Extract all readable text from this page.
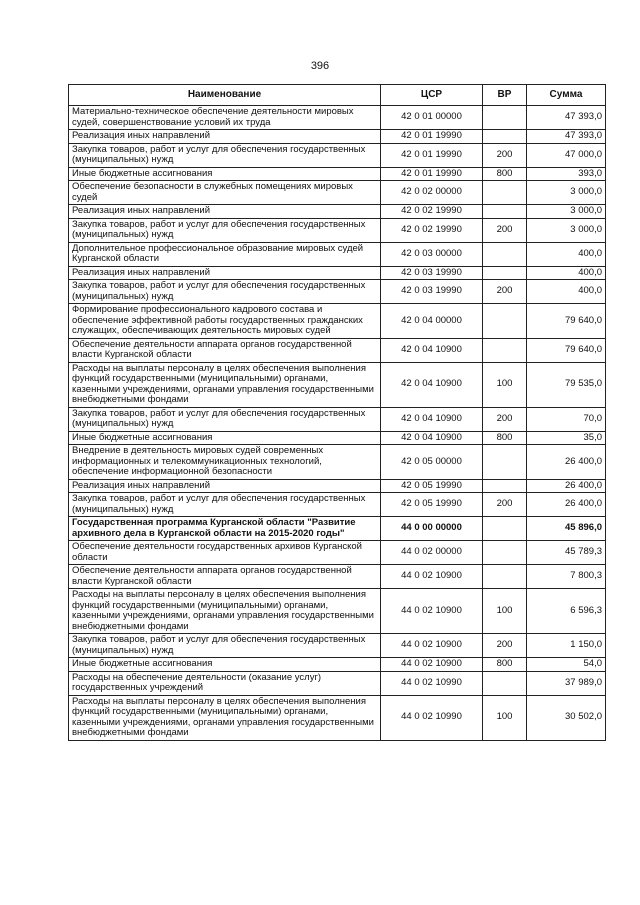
396
Наименование	ЦСР	ВР	Сумма
Материально-техническое обеспечение деятельности мировых судей, совершенствование условий их труда	42 0 01 00000		47 393,0
Реализация иных направлений	42 0 01 19990		47 393,0
Закупка товаров, работ и услуг для обеспечения государственных (муниципальных) нужд	42 0 01 19990	200	47 000,0
Иные бюджетные ассигнования	42 0 01 19990	800	393,0
Обеспечение безопасности в служебных помещениях мировых судей	42 0 02 00000		3 000,0
Реализация иных направлений	42 0 02 19990		3 000,0
Закупка товаров, работ и услуг для обеспечения государственных (муниципальных) нужд	42 0 02 19990	200	3 000,0
Дополнительное профессиональное образование мировых судей Курганской области	42 0 03 00000		400,0
Реализация иных направлений	42 0 03 19990		400,0
Закупка товаров, работ и услуг для обеспечения государственных (муниципальных) нужд	42 0 03 19990	200	400,0
Формирование профессионального кадрового состава и обеспечение эффективной работы государственных гражданских служащих, обеспечивающих деятельность мировых судей	42 0 04 00000		79 640,0
Обеспечение деятельности аппарата органов государственной власти Курганской области	42 0 04 10900		79 640,0
Расходы на выплаты персоналу в целях обеспечения выполнения функций государственными (муниципальными) органами, казенными учреждениями, органами управления государственными внебюджетными фондами	42 0 04 10900	100	79 535,0
Закупка товаров, работ и услуг для обеспечения государственных (муниципальных) нужд	42 0 04 10900	200	70,0
Иные бюджетные ассигнования	42 0 04 10900	800	35,0
Внедрение в деятельность мировых судей современных информационных и телекоммуникационных технологий, обеспечение информационной безопасности	42 0 05 00000		26 400,0
Реализация иных направлений	42 0 05 19990		26 400,0
Закупка товаров, работ и услуг для обеспечения государственных (муниципальных) нужд	42 0 05 19990	200	26 400,0
Государственная программа Курганской области "Развитие архивного дела в Курганской области на 2015-2020 годы"	44 0 00 00000		45 896,0
Обеспечение деятельности государственных архивов Курганской области	44 0 02 00000		45 789,3
Обеспечение деятельности аппарата органов государственной власти Курганской области	44 0 02 10900		7 800,3
Расходы на выплаты персоналу в целях обеспечения выполнения функций государственными (муниципальными) органами, казенными учреждениями, органами управления государственными внебюджетными фондами	44 0 02 10900	100	6 596,3
Закупка товаров, работ и услуг для обеспечения государственных (муниципальных) нужд	44 0 02 10900	200	1 150,0
Иные бюджетные ассигнования	44 0 02 10900	800	54,0
Расходы на обеспечение деятельности (оказание услуг) государственных учреждений	44 0 02 10990		37 989,0
Расходы на выплаты персоналу в целях обеспечения выполнения функций государственными (муниципальными) органами, казенными учреждениями, органами управления государственными внебюджетными фондами	44 0 02 10990	100	30 502,0
